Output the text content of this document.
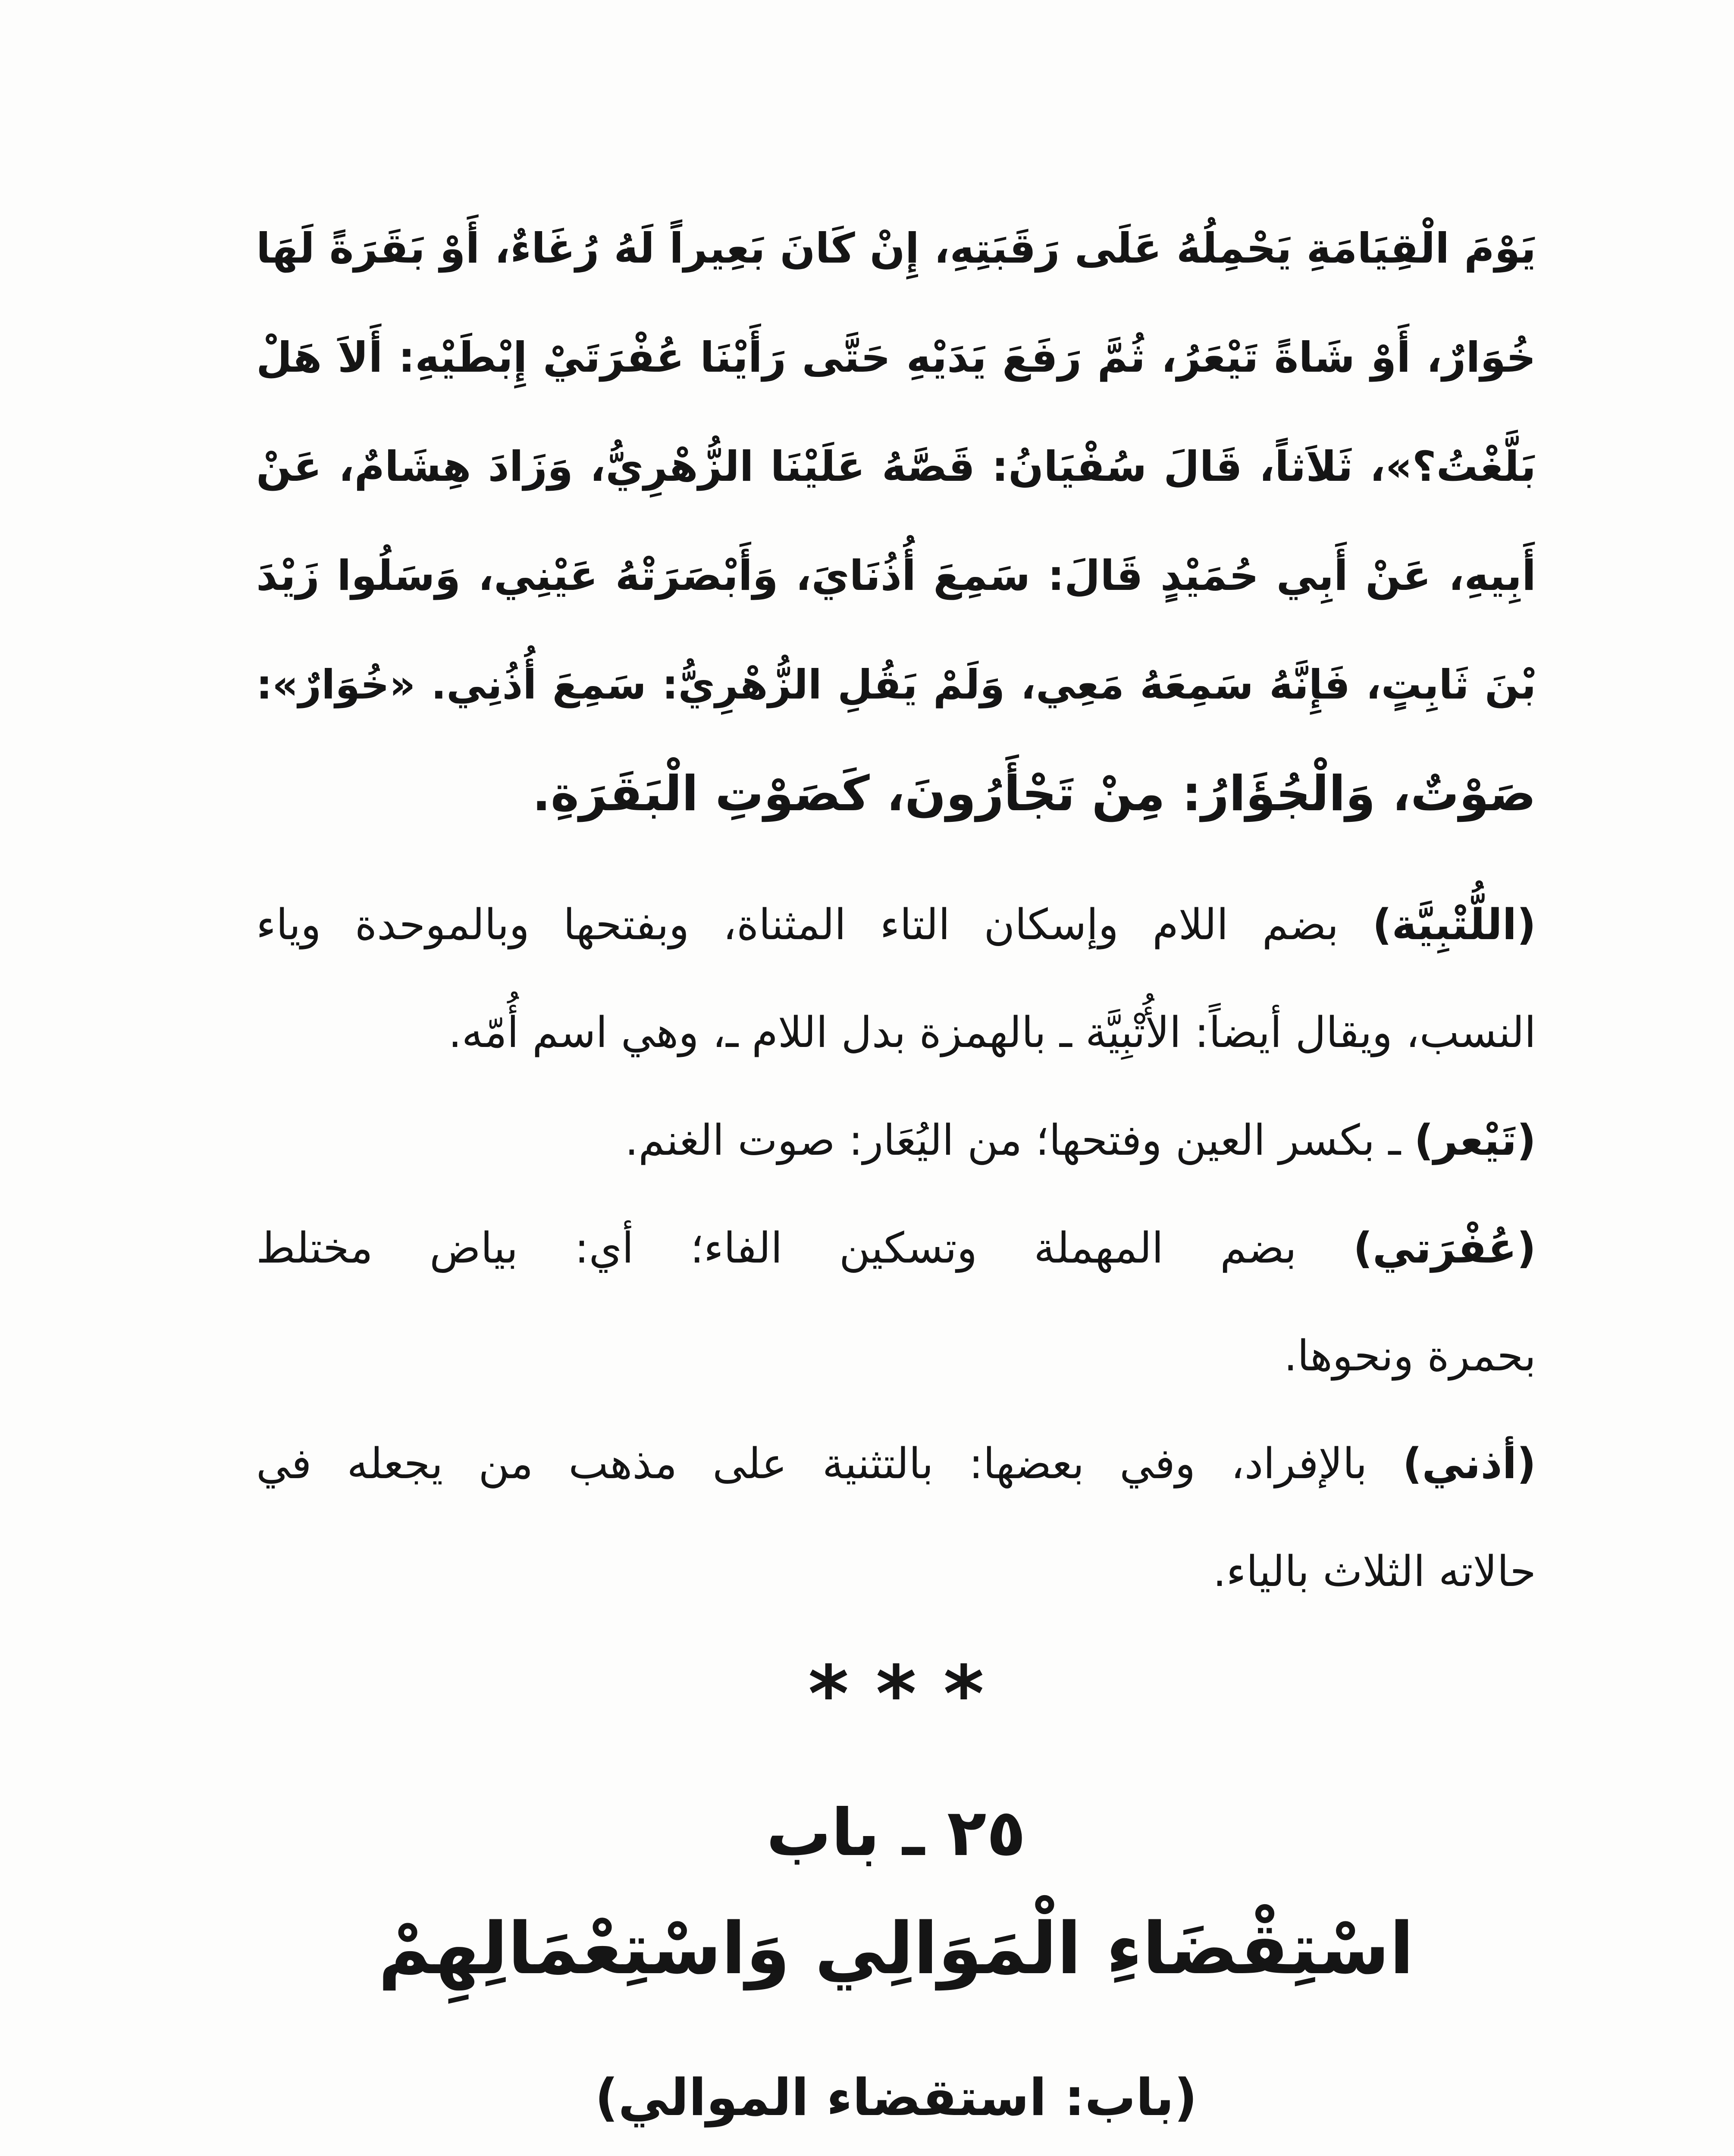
يَوْمَ الْقِيَامَةِ يَحْمِلُهُ عَلَى رَقَبَتِهِ، إِنْ كَانَ بَعِيراً لَهُ رُغَاءٌ، أَوْ بَقَرَةً لَهَا
خُوَارٌ، أَوْ شَاةً تَيْعَرُ، ثُمَّ رَفَعَ يَدَيْهِ حَتَّى رَأَيْنَا عُفْرَتَيْ إِبْطَيْهِ: أَلاَ هَلْ
بَلَّغْتُ؟»، ثَلاَثاً، قَالَ سُفْيَانُ: قَصَّهُ عَلَيْنَا الزُّهْرِيُّ، وَزَادَ هِشَامٌ، عَنْ
أَبِيهِ، عَنْ أَبِي حُمَيْدٍ قَالَ: سَمِعَ أُذُنَايَ، وَأَبْصَرَتْهُ عَيْنِي، وَسَلُوا زَيْدَ
بْنَ ثَابِتٍ، فَإِنَّهُ سَمِعَهُ مَعِي، وَلَمْ يَقُلِ الزُّهْرِيُّ: سَمِعَ أُذُنِي. «خُوَارٌ»:
صَوْتٌ، وَالْجُؤَارُ: مِنْ تَجْأَرُونَ، كَصَوْتِ الْبَقَرَةِ.
(اللُّتْبِيَّة) بضم اللام وإسكان التاء المثناة، وبفتحها وبالموحدة وياء
النسب، ويقال أيضاً: الأُتْبِيَّة ـ بالهمزة بدل اللام ـ، وهي اسم أُمّه.
(تَيْعر) ـ بكسر العين وفتحها؛ من اليُعَار: صوت الغنم.
(عُفْرَتي) بضم المهملة وتسكين الفاء؛ أي: بياض مختلط
بحمرة ونحوها.
(أذني) بالإفراد، وفي بعضها: بالتثنية على مذهب من يجعله في
حالاته الثلاث بالياء.
* * *
٢٥ ـ باب
اسْتِقْضَاءِ الْمَوَالِي وَاسْتِعْمَالِهِمْ
(باب: استقضاء الموالي)
